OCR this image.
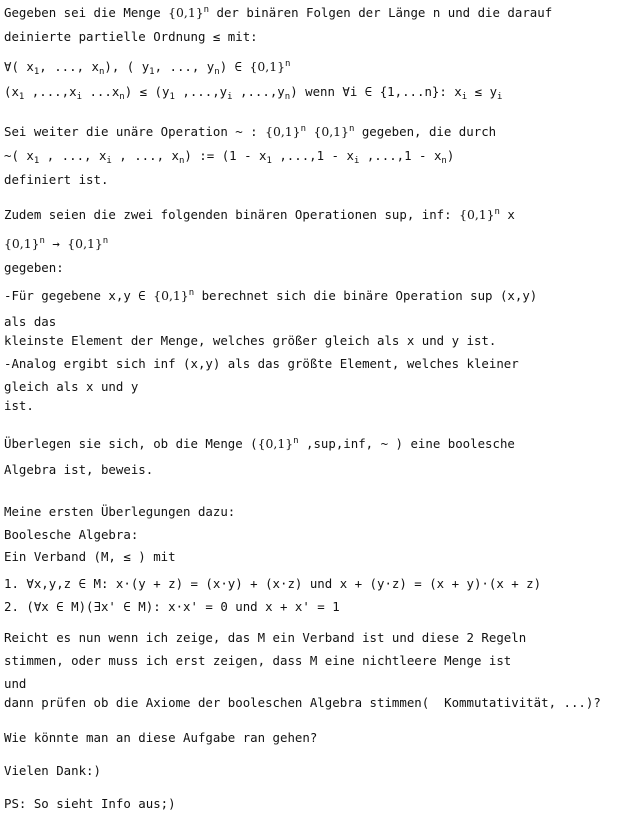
Gegeben sei die Menge $\{0,1\}^n$ der binären Folgen der Länge n und die darauf
deinierte partielle Ordnung ≤ mit:
∀( $x_1$, ..., $x_n$), ( $y_1$, ..., $y_n$) ∈ $\{0,1\}^n$
($x_1$ $,...,x_i$ $...x_n) \le (y_1$ $,...,y_i$ $,...,y_n$) wenn ∀i ∈ {1,...n}: $x_i \le y_i$
Sei weiter die unäre Operation ~ : $\{0,1\}^n$ $\{0,1\}^n$ gegeben, die durch
~( $x_1$ , ..., $x_i$ , ..., $x_n$) := ($1 - x_1$ $,...,1 - x_i$ $,...,1 - x_n$)
definiert ist.
Zudem seien die zwei folgenden binären Operationen sup, inf: $\{0,1\}^n$ x
$\{0,1\}^n \to \{0,1\}^n$
gegeben:
-Für gegebene x,y ∈ $\{0,1\}^n$ berechnet sich die binäre Operation sup (x,y)
als das
kleinste Element der Menge, welches größer gleich als x und y ist.
-Analog ergibt sich inf (x,y) als das größte Element, welches kleiner
gleich als x und y
ist.
Überlegen sie sich, ob die Menge ($\{0,1\}^n$ ,sup,inf, ~ ) eine boolesche
Algebra ist, beweis.
Meine ersten Überlegungen dazu:
Boolesche Algebra:
Ein Verband (M, ≤ ) mit
1. ∀x,y,z ∈ M: x·(y + z) = (x·y) + (x·z) und x + (y·z) = (x + y)·(x + z)
2. (∀x ∈ M)(∃x' ∈ M): x·x' = 0 und x + x' = 1
Reicht es nun wenn ich zeige, das M ein Verband ist und diese 2 Regeln
stimmen, oder muss ich erst zeigen, dass M eine nichtleere Menge ist
und
dann prüfen ob die Axiome der booleschen Algebra stimmen(  Kommutativität, ...)?
Wie könnte man an diese Aufgabe ran gehen?
Vielen Dank:)
PS: So sieht Info aus;)
